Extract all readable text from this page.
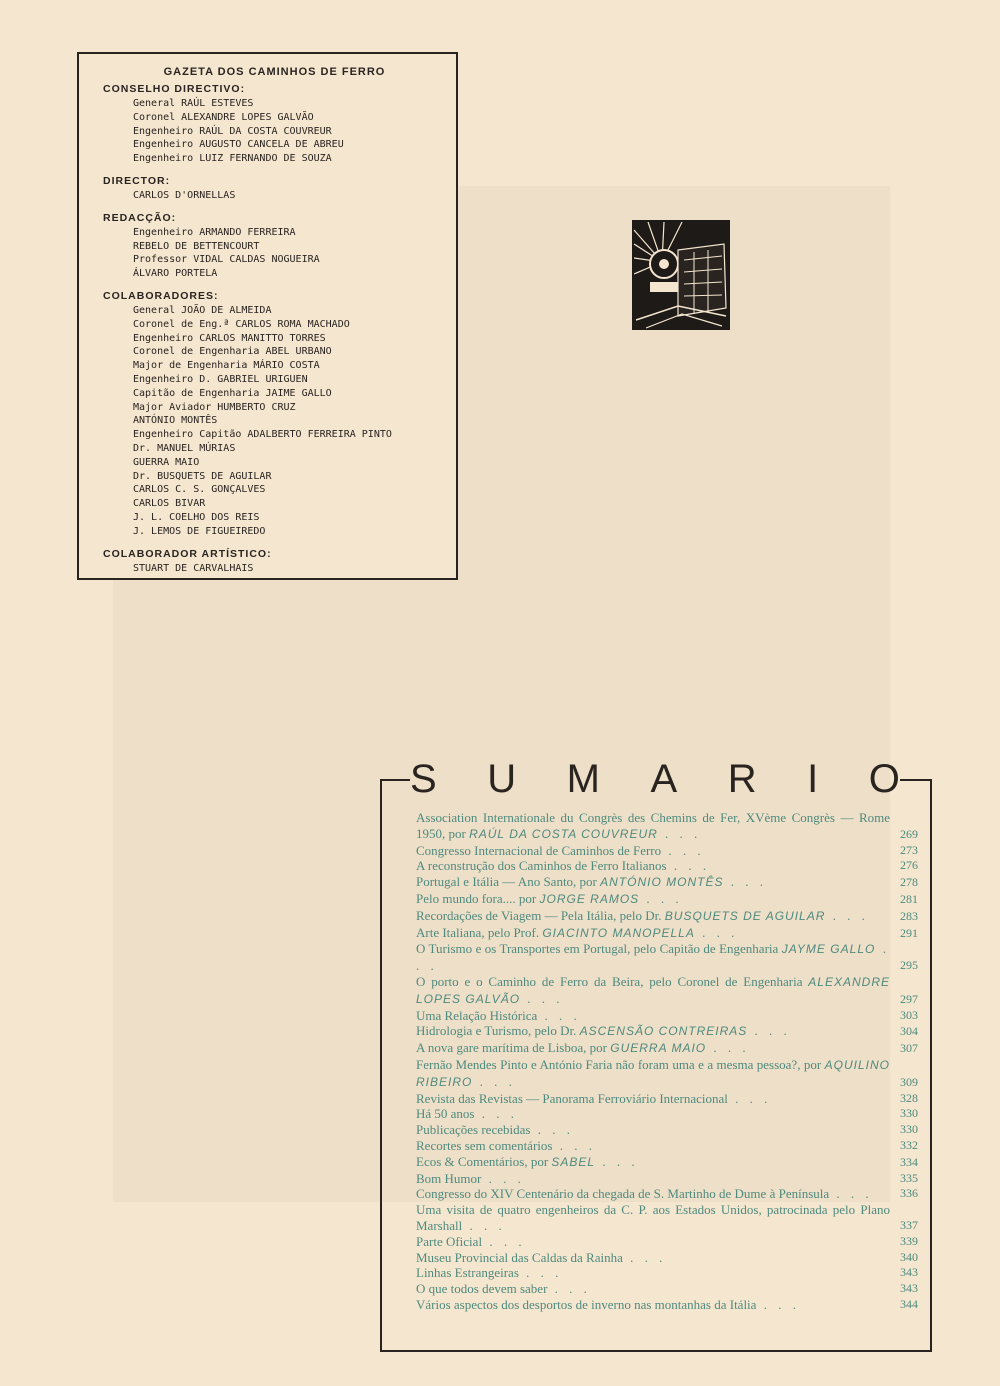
GAZETA DOS CAMINHOS DE FERRO

CONSELHO DIRECTIVO:

General RAÚL ESTEVES
Coronel ALEXANDRE LOPES GALVÃO
Engenheiro RAÚL DA COSTA COUVREUR
Engenheiro AUGUSTO CANCELA DE ABREU
Engenheiro LUIZ FERNANDO DE SOUZA

DIRECTOR:

CARLOS D'ORNELLAS

REDACÇÃO:

Engenheiro ARMANDO FERREIRA
REBELO DE BETTENCOURT
Professor VIDAL CALDAS NOGUEIRA
ÁLVARO PORTELA

COLABORADORES:

General JOÃO DE ALMEIDA
Coronel de Eng.ª CARLOS ROMA MACHADO
Engenheiro CARLOS MANITTO TORRES
Coronel de Engenharia ABEL URBANO
Major de Engenharia MÁRIO COSTA
Engenheiro D. GABRIEL URIGUEN
Capitão de Engenharia JAIME GALLO
Major Aviador HUMBERTO CRUZ
ANTÓNIO MONTÊS
Engenheiro Capitão ADALBERTO FERREIRA PINTO
Dr. MANUEL MÚRIAS
GUERRA MAIO
Dr. BUSQUETS DE AGUILAR
CARLOS C. S. GONÇALVES
CARLOS BIVAR
J. L. COELHO DOS REIS
J. LEMOS DE FIGUEIREDO

COLABORADOR ARTÍSTICO:

STUART DE CARVALHAIS
S U M A R I O
Association Internationale du Congrès des Chemins de Fer, XVème Congrès — Rome 1950, por RAÚL DA COSTA COUVREUR . . .	269
Congresso Internacional de Caminhos de Ferro . . .	273
A reconstrução dos Caminhos de Ferro Italianos . . .	276
Portugal e Itália — Ano Santo, por ANTÓNIO MONTÊS . . .	278
Pelo mundo fora.... por JORGE RAMOS . . .	281
Recordações de Viagem — Pela Itália, pelo Dr. BUSQUETS DE AGUILAR . . .	283
Arte Italiana, pelo Prof. GIACINTO MANOPELLA . . .	291
O Turismo e os Transportes em Portugal, pelo Capitão de Engenharia JAYME GALLO . . .	295
O porto e o Caminho de Ferro da Beira, pelo Coronel de Engenharia ALEXANDRE LOPES GALVÃO . . .	297
Uma Relação Histórica . . .	303
Hidrologia e Turismo, pelo Dr. ASCENSÃO CONTREIRAS . . .	304
A nova gare marítima de Lisboa, por GUERRA MAIO . . .	307
Fernão Mendes Pinto e António Faria não foram uma e a mesma pessoa?, por AQUILINO RIBEIRO . . .	309
Revista das Revistas — Panorama Ferroviário Internacional . . .	328
Há 50 anos . . .	330
Publicações recebidas . . .	330
Recortes sem comentários . . .	332
Ecos & Comentários, por SABEL . . .	334
Bom Humor . . .	335
Congresso do XIV Centenário da chegada de S. Martinho de Dume à Península . . .	336
Uma visita de quatro engenheiros da C. P. aos Estados Unidos, patrocinada pelo Plano Marshall . . .	337
Parte Oficial . . .	339
Museu Provincial das Caldas da Rainha . . .	340
Linhas Estrangeiras . . .	343
O que todos devem saber . . .	343
Vários aspectos dos desportos de inverno nas montanhas da Itália . . .	344
